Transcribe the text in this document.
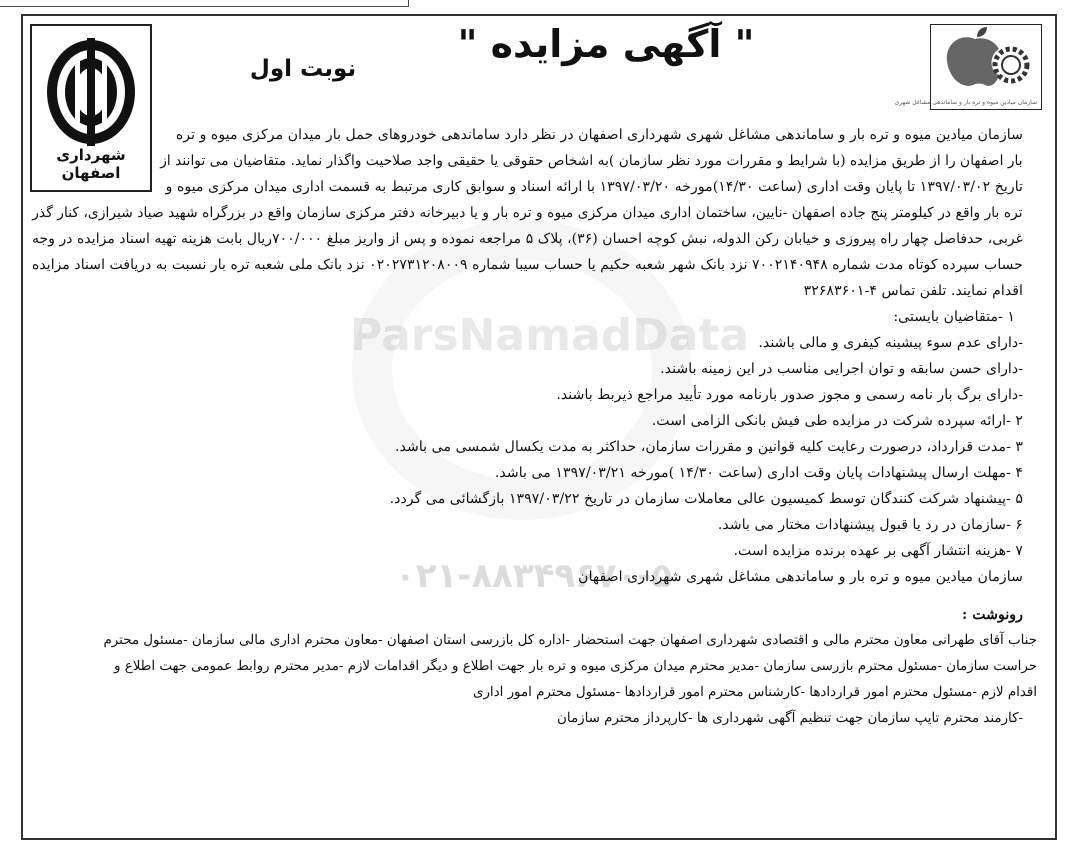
ParsNamadData
۰۲۱-۸۸۳۴۹۶۷۰-۵
شهرداری اصفهان
سازمان میادین میوه و تره بار و ساماندهی مشاغل شهری
" آگهی مزایده "
نوبت اول
سازمان میادین میوه و تره بار و ساماندهی مشاغل شهری شهرداری اصفهان در نظر دارد ساماندهی خودروهای حمل بار میدان مرکزی میوه و تره
بار اصفهان را از طریق مزایده (با شرایط و مقررات مورد نظر سازمان )به اشخاص حقوقی یا حقیقی واجد صلاحیت واگذار نماید. متقاضیان می توانند از
تاریخ ۱۳۹۷/۰۳/۰۲ تا پایان وقت اداری (ساعت ۱۴/۳۰)مورخه ۱۳۹۷/۰۳/۲۰ با ارائه اسناد و سوابق کاری مرتبط به قسمت اداری میدان مرکزی میوه و
تره بار واقع در کیلومتر پنج جاده اصفهان -نایین، ساختمان اداری میدان مرکزی میوه و تره بار و یا دبیرخانه دفتر مرکزی سازمان واقع در بزرگراه شهید صیاد شیرازی، کنار گذر
غربی، حدفاصل چهار راه پیروزی و خیابان رکن الدوله، نبش کوچه احسان (۳۶)، پلاک ۵ مراجعه نموده و پس از واریز مبلغ ۷۰۰/۰۰۰ریال بابت هزینه تهیه اسناد مزایده در وجه
حساب سپرده کوتاه مدت شماره ۷۰۰۲۱۴۰۹۴۸ نزد بانک شهر شعبه حکیم یا حساب سیبا شماره ۰۲۰۲۷۳۱۲۰۸۰۰۹ نزد بانک ملی شعبه تره بار نسبت به دریافت اسناد مزایده
اقدام نمایند. تلفن تماس ۴-۳۲۶۸۳۶۰۱
۱ -متقاضیان بایستی:
-دارای عدم سوء پیشینه کیفری و مالی باشند.
-دارای حسن سابقه و توان اجرایی مناسب در این زمینه باشند.
-دارای برگ بار نامه رسمی و مجوز صدور بارنامه مورد تأیید مراجع ذیربط باشند.
۲ -ارائه سپرده شرکت در مزایده طی فیش بانکی الزامی است.
۳ -مدت قرارداد، درصورت رعایت کلیه قوانین و مقررات سازمان، حداکثر به مدت یکسال شمسی می باشد.
۴ -مهلت ارسال پیشنهادات پایان وقت اداری (ساعت ۱۴/۳۰ )مورخه ۱۳۹۷/۰۳/۲۱ می باشد.
۵ -پیشنهاد شرکت کنندگان توسط کمیسیون عالی معاملات سازمان در تاریخ ۱۳۹۷/۰۳/۲۲ بازگشائی می گردد.
۶ -سازمان در رد یا قبول پیشنهادات مختار می باشد.
۷ -هزینه انتشار آگهی بر عهده برنده مزایده است.
سازمان میادین میوه و تره بار و ساماندهی مشاغل شهری شهرداری اصفهان
رونوشت :
جناب آقای طهرانی معاون محترم مالی و اقتصادی شهرداری اصفهان جهت استحضار -اداره کل بازرسی استان اصفهان -معاون محترم اداری مالی سازمان -مسئول محترم
حراست سازمان -مسئول محترم بازرسی سازمان -مدیر محترم میدان مرکزی میوه و تره بار جهت اطلاع و دیگر اقدامات لازم -مدیر محترم روابط عمومی جهت اطلاع و
اقدام لازم -مسئول محترم امور قراردادها -کارشناس محترم امور قراردادها -مسئول محترم امور اداری
-کارمند محترم تایپ سازمان جهت تنظیم آگهی شهرداری ها -کارپرداز محترم سازمان
